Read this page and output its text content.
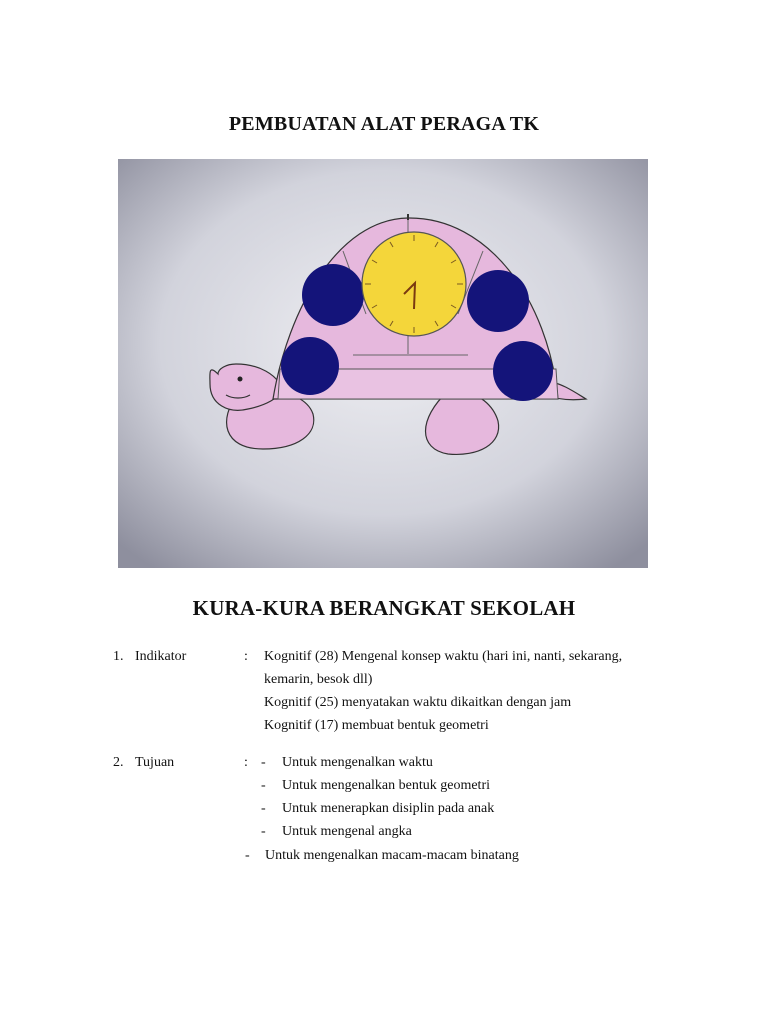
PEMBUATAN ALAT PERAGA TK
KURA-KURA BERANGKAT SEKOLAH
1. Indikator	: Kognitif (28) Mengenal konsep waktu (hari ini, nanti, sekarang,
kemarin, besok dll)
Kognitif (25) menyatakan waktu dikaitkan dengan jam
Kognitif (17) membuat bentuk geometri
2. Tujuan	: - Untuk mengenalkan waktu
- Untuk mengenalkan bentuk geometri
- Untuk menerapkan disiplin pada anak
- Untuk mengenal angka
- Untuk mengenalkan macam-macam binatang
